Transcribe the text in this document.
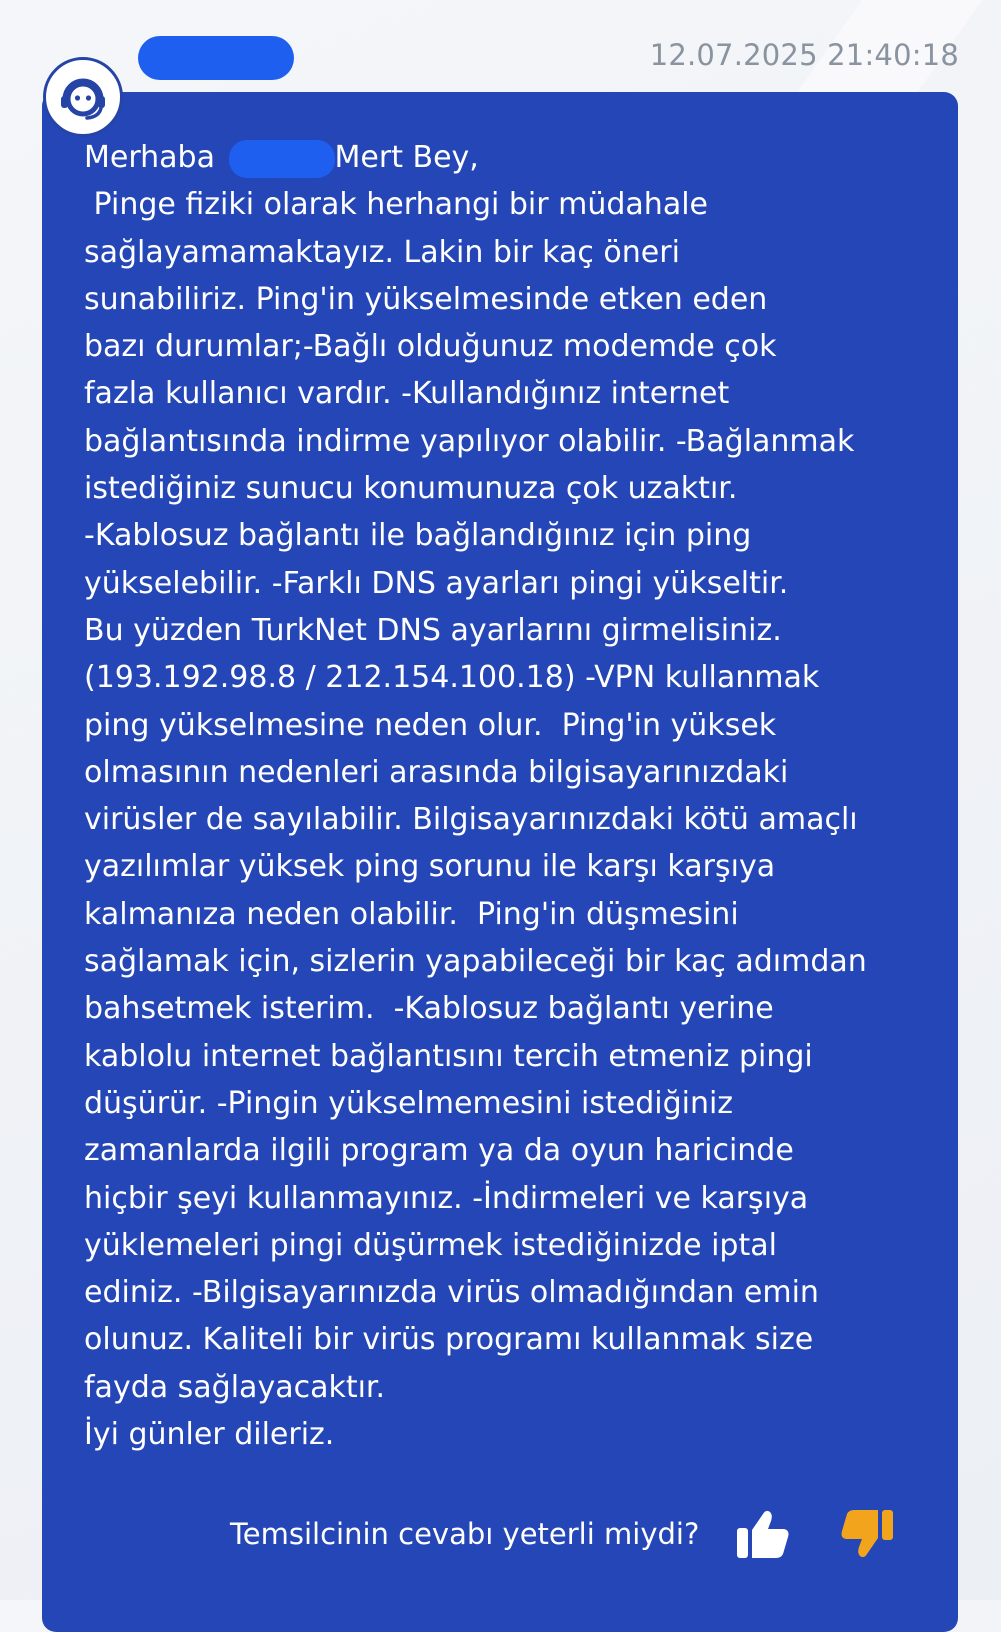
12.07.2025 21:40:18
Merhaba	Mert Bey,
Pinge fiziki olarak herhangi bir müdahale
sağlayamamaktayız. Lakin bir kaç öneri
sunabiliriz. Ping'in yükselmesinde etken eden
bazı durumlar;-Bağlı olduğunuz modemde çok
fazla kullanıcı vardır. -Kullandığınız internet
bağlantısında indirme yapılıyor olabilir. -Bağlanmak
istediğiniz sunucu konumunuza çok uzaktır.
-Kablosuz bağlantı ile bağlandığınız için ping
yükselebilir. -Farklı DNS ayarları pingi yükseltir.
Bu yüzden TurkNet DNS ayarlarını girmelisiniz.
(193.192.98.8 / 212.154.100.18) -VPN kullanmak
ping yükselmesine neden olur.  Ping'in yüksek
olmasının nedenleri arasında bilgisayarınızdaki
virüsler de sayılabilir. Bilgisayarınızdaki kötü amaçlı
yazılımlar yüksek ping sorunu ile karşı karşıya
kalmanıza neden olabilir.  Ping'in düşmesini
sağlamak için, sizlerin yapabileceği bir kaç adımdan
bahsetmek isterim.  -Kablosuz bağlantı yerine
kablolu internet bağlantısını tercih etmeniz pingi
düşürür. -Pingin yükselmemesini istediğiniz
zamanlarda ilgili program ya da oyun haricinde
hiçbir şeyi kullanmayınız. -İndirmeleri ve karşıya
yüklemeleri pingi düşürmek istediğinizde iptal
ediniz. -Bilgisayarınızda virüs olmadığından emin
olunuz. Kaliteli bir virüs programı kullanmak size
fayda sağlayacaktır.
İyi günler dileriz.
Temsilcinin cevabı yeterli miydi?
